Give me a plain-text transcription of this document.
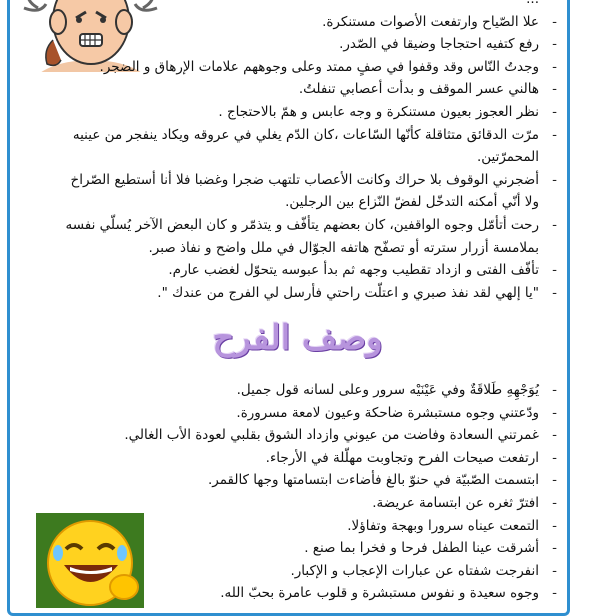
-
- علا الصّياح وارتفعت الأصوات مستنكرة.
- رفع كتفيه احتجاجا وضيقا في الصّدر.
- وجدتُ النّاس وقد وقفوا في صفٍ ممتد وعلى وجوههم علامات الإرهاق و الضجر.
- هالني عسر الموقف و بدأت أعصابي تنفلتُ.
- نظر العجوز بعيون مستنكرة و وجه عابس و همّ بالاحتجاج .
- مرّت الدقائق متثاقلة كأنّها السّاعات ،كان الدّم يغلي في عروقه ويكاد ينفجر من عينيه المحمرّتين.
- أضجرني الوقوف بلا حراك وكانت الأعصاب تلتهب ضجرا وغضبا فلا أنا أستطيع الصّراخ ولا أنّي أمكنه التدخّل لفضّ النّزاع بين الرجلين.
- رحت أتأمّل وجوه الواقفين، كان بعضهم يتأفّف و يتذمّر و كان البعض الآخر يُسلّي نفسه بملامسة أزرار سترته أو تصفّح هاتفه الجوّال في ملل واضح و نفاذ صبر.
- تأفّف الفتى و ازداد تقطيب وجهه ثم بدأ عبوسه يتحوّل لغضب عارم.
- "يا إلهي لقد نفذ صبري و اعتلّت راحتي فأرسل لي الفرج من عندك ".
وصف الفرح
- يُوَجْهِهِ طَلاقَةٌ وفي عَيْنَيْه سرور وعلى لسانه قول جميل.
- ودّعتني وجوه مستبشرة ضاحكة وعيون لامعة مسرورة.
- غمرتني السعادة وفاضت من عيوني وازداد الشوق بقلبي لعودة الأب الغالي.
- ارتفعت صيحات الفرح وتجاوبت مهلّلة في الأرجاء.
- ابتسمت الصّبيّة في حنوّ بالغ فأضاءت ابتسامتها وجها كالقمر.
- افترّ ثغره عن ابتسامة عريضة.
- التمعت عيناه سرورا وبهجة وتفاؤلا.
- أشرقت عينا الطفل فرحا و فخرا بما صنع .
- انفرجت شفتاه عن عبارات الإعجاب و الإكبار.
- وجوه سعيدة و نفوس مستبشرة و قلوب عامرة بحبّ الله.
